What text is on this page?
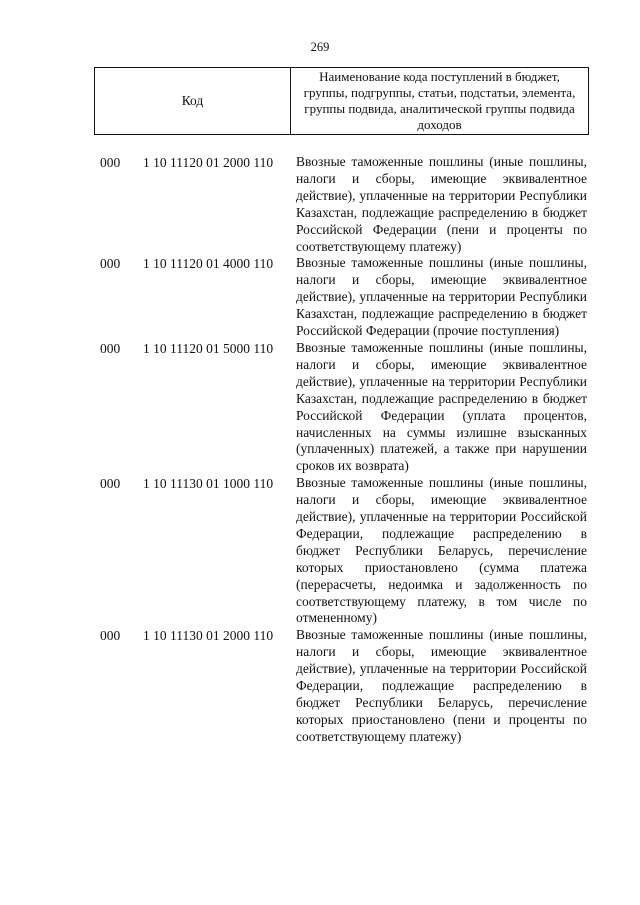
269
Код
Наименование кода поступлений в бюджет, группы, подгруппы, статьи, подстатьи, элемента, группы подвида, аналитической группы подвида доходов
000 1 10 11120 01 2000 110 Ввозные таможенные пошлины (иные пошлины, налоги и сборы, имеющие эквивалентное действие), уплаченные на территории Республики Казахстан, подлежащие распределению в бюджет Российской Федерации (пени и проценты по соответствующему платежу)
000 1 10 11120 01 4000 110 Ввозные таможенные пошлины (иные пошлины, налоги и сборы, имеющие эквивалентное действие), уплаченные на территории Республики Казахстан, подлежащие распределению в бюджет Российской Федерации (прочие поступления)
000 1 10 11120 01 5000 110 Ввозные таможенные пошлины (иные пошлины, налоги и сборы, имеющие эквивалентное действие), уплаченные на территории Республики Казахстан, подлежащие распределению в бюджет Российской Федерации (уплата процентов, начисленных на суммы излишне взысканных (уплаченных) платежей, а также при нарушении сроков их возврата)
000 1 10 11130 01 1000 110 Ввозные таможенные пошлины (иные пошлины, налоги и сборы, имеющие эквивалентное действие), уплаченные на территории Российской Федерации, подлежащие распределению в бюджет Республики Беларусь, перечисление которых приостановлено (сумма платежа (перерасчеты, недоимка и задолженность по соответствующему платежу, в том числе по отмененному)
000 1 10 11130 01 2000 110 Ввозные таможенные пошлины (иные пошлины, налоги и сборы, имеющие эквивалентное действие), уплаченные на территории Российской Федерации, подлежащие распределению в бюджет Республики Беларусь, перечисление которых приостановлено (пени и проценты по соответствующему платежу)
